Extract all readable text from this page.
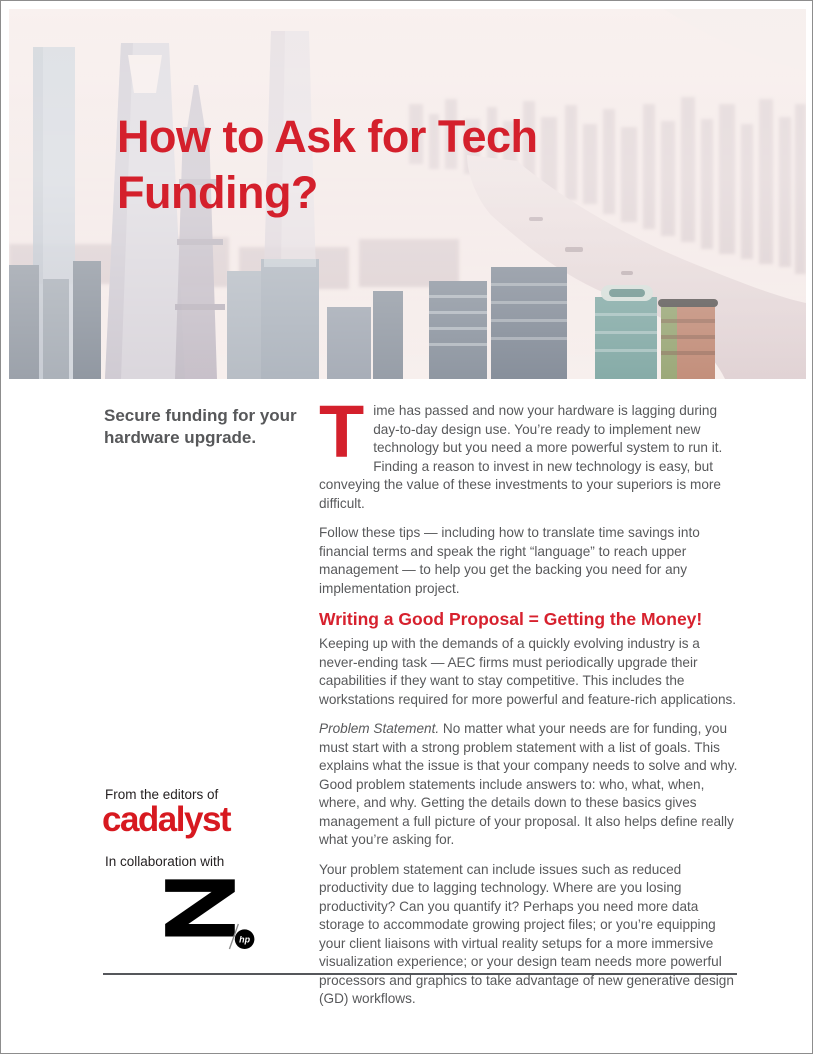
How to Ask for Tech
Funding?
Secure funding for your hardware upgrade.
From the editors of
cadalyst
In collaboration with
hp

Time has passed and now your hardware is lagging during day-to-day design use. You’re ready to implement new technology but you need a more powerful system to run it. Finding a reason to invest in new technology is easy, but conveying the value of these investments to your superiors is more difficult.

Follow these tips — including how to translate time savings into financial terms and speak the right “language” to reach upper management — to help you get the backing you need for any implementation project.

Writing a Good Proposal = Getting the Money!

Keeping up with the demands of a quickly evolving industry is a never-ending task — AEC firms must periodically upgrade their capabilities if they want to stay competitive. This includes the workstations required for more powerful and feature-rich applications.

Problem Statement. No matter what your needs are for funding, you must start with a strong problem statement with a list of goals. This explains what the issue is that your company needs to solve and why. Good problem statements include answers to: who, what, when, where, and why. Getting the details down to these basics gives management a full picture of your proposal. It also helps define really what you’re asking for.

Your problem statement can include issues such as reduced productivity due to lagging technology. Where are you losing productivity? Can you quantify it? Perhaps you need more data storage to accommodate growing project files; or you’re equipping your client liaisons with virtual reality setups for a more immersive visualization experience; or your design team needs more powerful processors and graphics to take advantage of new generative design (GD) workflows.
